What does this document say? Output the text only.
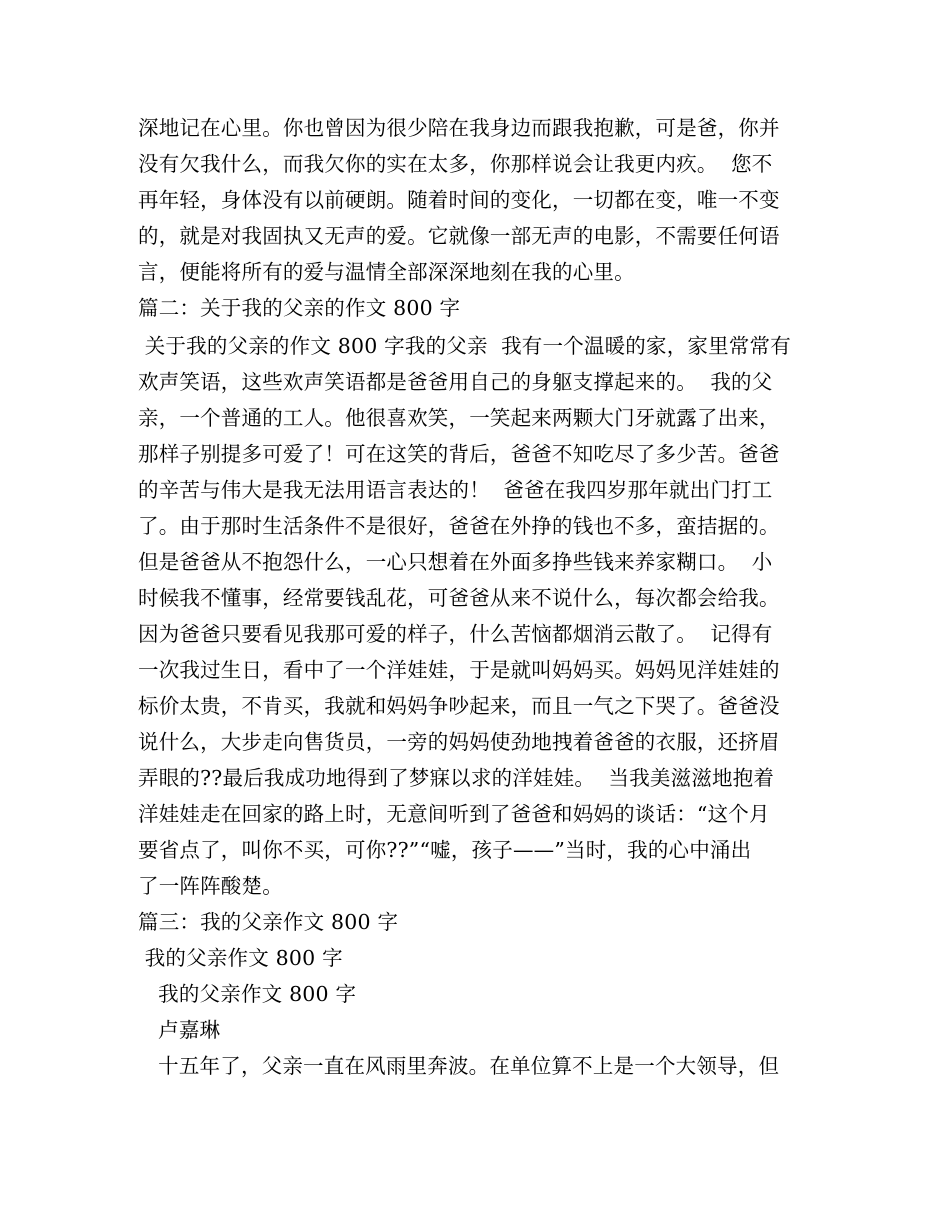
深地记在心里。你也曾因为很少陪在我身边而跟我抱歉，可是爸，你并
没有欠我什么，而我欠你的实在太多，你那样说会让我更内疚。  您不
再年轻，身体没有以前硬朗。随着时间的变化，一切都在变，唯一不变
的，就是对我固执又无声的爱。它就像一部无声的电影，不需要任何语
言，便能将所有的爱与温情全部深深地刻在我的心里。
篇二：关于我的父亲的作文 800 字
关于我的父亲的作文 800 字我的父亲  我有一个温暖的家，家里常常有
欢声笑语，这些欢声笑语都是爸爸用自己的身躯支撑起来的。  我的父
亲，一个普通的工人。他很喜欢笑，一笑起来两颗大门牙就露了出来，
那样子别提多可爱了！可在这笑的背后，爸爸不知吃尽了多少苦。爸爸
的辛苦与伟大是我无法用语言表达的！  爸爸在我四岁那年就出门打工
了。由于那时生活条件不是很好，爸爸在外挣的钱也不多，蛮拮据的。
但是爸爸从不抱怨什么，一心只想着在外面多挣些钱来养家糊口。  小
时候我不懂事，经常要钱乱花，可爸爸从来不说什么，每次都会给我。
因为爸爸只要看见我那可爱的样子，什么苦恼都烟消云散了。  记得有
一次我过生日，看中了一个洋娃娃，于是就叫妈妈买。妈妈见洋娃娃的
标价太贵，不肯买，我就和妈妈争吵起来，而且一气之下哭了。爸爸没
说什么，大步走向售货员，一旁的妈妈使劲地拽着爸爸的衣服，还挤眉
弄眼的??最后我成功地得到了梦寐以求的洋娃娃。  当我美滋滋地抱着
洋娃娃走在回家的路上时，无意间听到了爸爸和妈妈的谈话：“这个月
要省点了，叫你不买，可你??”“嘘，孩子——”当时，我的心中涌出
了一阵阵酸楚。
篇三：我的父亲作文 800 字
我的父亲作文 800 字
我的父亲作文 800 字
卢嘉琳
十五年了，父亲一直在风雨里奔波。在单位算不上是一个大领导，但
